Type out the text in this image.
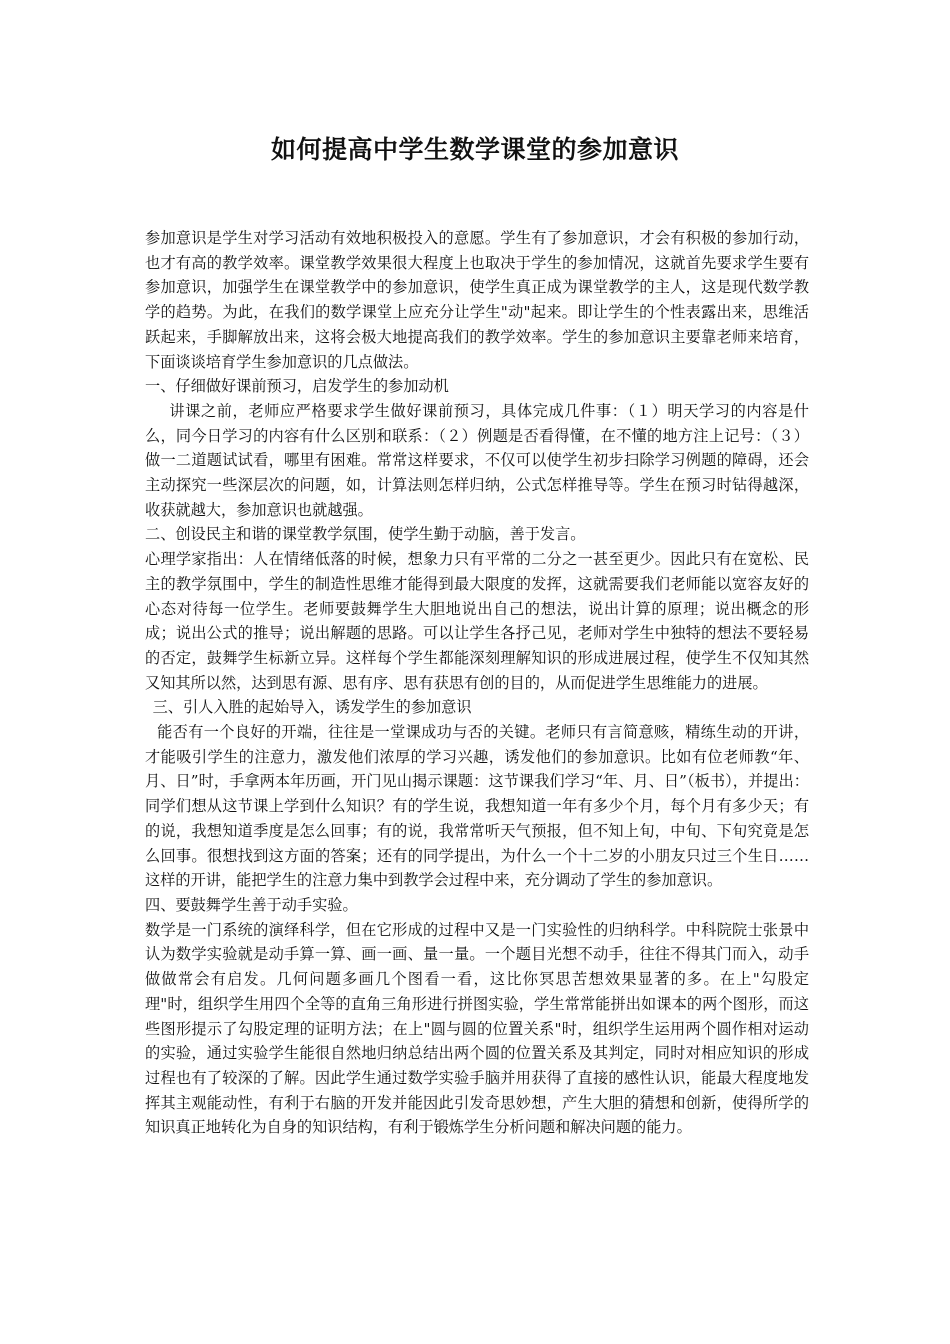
如何提高中学生数学课堂的参加意识

参加意识是学生对学习活动有效地积极投入的意愿。学生有了参加意识，才会有积极的参加行动，也才有高的教学效率。课堂教学效果很大程度上也取决于学生的参加情况，这就首先要求学生要有参加意识，加强学生在课堂教学中的参加意识，使学生真正成为课堂教学的主人，这是现代数学教学的趋势。为此，在我们的数学课堂上应充分让学生"动"起来。即让学生的个性表露出来，思维活跃起来，手脚解放出来，这将会极大地提高我们的教学效率。学生的参加意识主要靠老师来培育，下面谈谈培育学生参加意识的几点做法。

一、仔细做好课前预习，启发学生的参加动机

讲课之前，老师应严格要求学生做好课前预习，具体完成几件事：（１）明天学习的内容是什么，同今日学习的内容有什么区别和联系：（２）例题是否看得懂，在不懂的地方注上记号：（３）做一二道题试试看，哪里有困难。常常这样要求，不仅可以使学生初步扫除学习例题的障碍，还会主动探究一些深层次的问题，如，计算法则怎样归纳，公式怎样推导等。学生在预习时钻得越深，收获就越大，参加意识也就越强。

二、创设民主和谐的课堂教学氛围，使学生勤于动脑，善于发言。

心理学家指出：人在情绪低落的时候，想象力只有平常的二分之一甚至更少。因此只有在宽松、民主的教学氛围中，学生的制造性思维才能得到最大限度的发挥，这就需要我们老师能以宽容友好的心态对待每一位学生。老师要鼓舞学生大胆地说出自己的想法，说出计算的原理；说出概念的形成；说出公式的推导；说出解题的思路。可以让学生各抒己见，老师对学生中独特的想法不要轻易的否定，鼓舞学生标新立异。这样每个学生都能深刻理解知识的形成进展过程，使学生不仅知其然又知其所以然，达到思有源、思有序、思有获思有创的目的，从而促进学生思维能力的进展。

三、引人入胜的起始导入，诱发学生的参加意识

能否有一个良好的开端，往往是一堂课成功与否的关键。老师只有言简意赅，精练生动的开讲，才能吸引学生的注意力，激发他们浓厚的学习兴趣，诱发他们的参加意识。比如有位老师教“年、月、日”时，手拿两本年历画，开门见山揭示课题：这节课我们学习“年、月、日”（板书），并提出：同学们想从这节课上学到什么知识？有的学生说，我想知道一年有多少个月，每个月有多少天；有的说，我想知道季度是怎么回事；有的说，我常常听天气预报，但不知上旬，中旬、下旬究竟是怎么回事。很想找到这方面的答案；还有的同学提出，为什么一个十二岁的小朋友只过三个生日……这样的开讲，能把学生的注意力集中到教学会过程中来，充分调动了学生的参加意识。

四、要鼓舞学生善于动手实验。

数学是一门系统的演绎科学，但在它形成的过程中又是一门实验性的归纳科学。中科院院士张景中认为数学实验就是动手算一算、画一画、量一量。一个题目光想不动手，往往不得其门而入，动手做做常会有启发。几何问题多画几个图看一看，这比你冥思苦想效果显著的多。在上"勾股定理"时，组织学生用四个全等的直角三角形进行拼图实验，学生常常能拼出如课本的两个图形，而这些图形提示了勾股定理的证明方法；在上"圆与圆的位置关系"时，组织学生运用两个圆作相对运动的实验，通过实验学生能很自然地归纳总结出两个圆的位置关系及其判定，同时对相应知识的形成过程也有了较深的了解。因此学生通过数学实验手脑并用获得了直接的感性认识，能最大程度地发挥其主观能动性，有利于右脑的开发并能因此引发奇思妙想，产生大胆的猜想和创新，使得所学的知识真正地转化为自身的知识结构，有利于锻炼学生分析问题和解决问题的能力。
